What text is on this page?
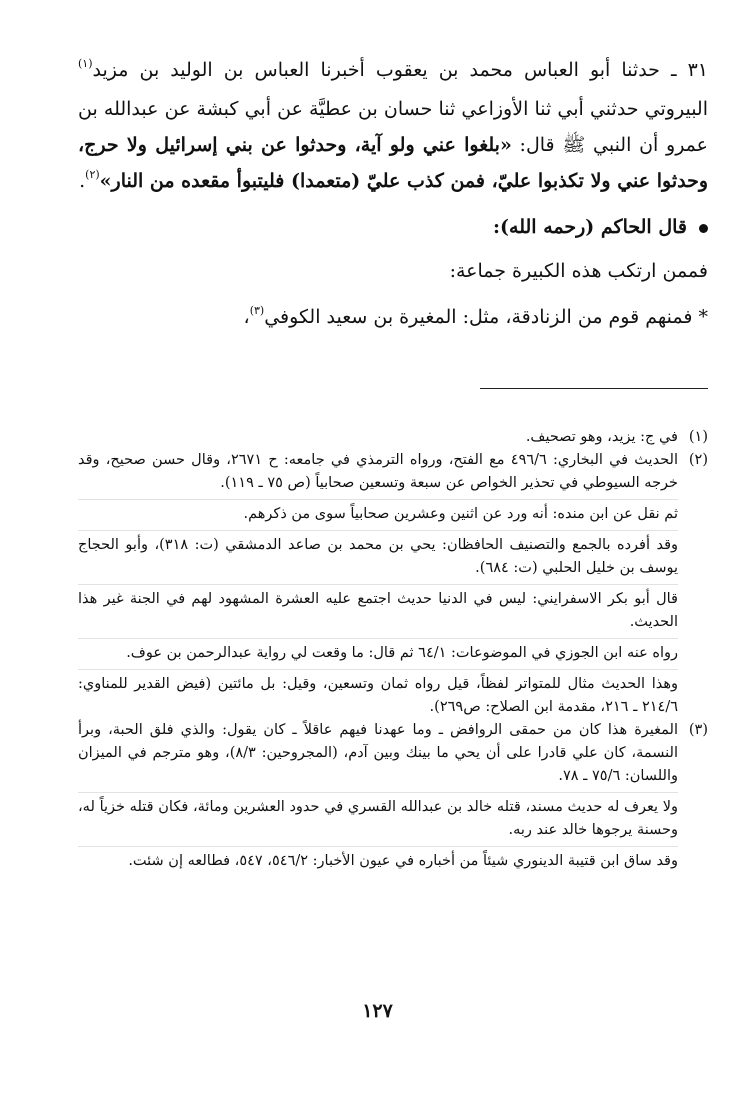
٣١ ـ حدثنا أبو العباس محمد بن يعقوب أخبرنا العباس بن الوليد بن مزيد$^{(١)}$ البيروتي حدثني أبي ثنا الأوزاعي ثنا حسان بن عطيَّة عن أبي كبشة عن عبدالله بن عمرو أن النبي ﷺ قال: «بلغوا عني ولو آية، وحدثوا عن بني إسرائيل ولا حرج، وحدثوا عني ولا تكذبوا عليّ، فمن كذب عليّ (متعمدا) فليتبوأ مقعده من النار»$^{(٢)}$.

قال الحاكم (رحمه الله):

فممن ارتكب هذه الكبيرة جماعة:

* فمنهم قوم من الزنادقة، مثل: المغيرة بن سعيد الكوفي$^{(٣)}$،

(١)

في ج: يزيد، وهو تصحيف.

(٢)

الحديث في البخاري: ٤٩٦/٦ مع الفتح، ورواه الترمذي في جامعه: ح ٢٦٧١، وقال حسن صحيح، وقد خرجه السيوطي في تحذير الخواص عن سبعة وتسعين صحابياً (ص ٧٥ ـ ١١٩).

ثم نقل عن ابن منده: أنه ورد عن اثنين وعشرين صحابياً سوى من ذكرهم.

وقد أفرده بالجمع والتصنيف الحافظان: يحي بن محمد بن صاعد الدمشقي (ت: ٣١٨)، وأبو الحجاج يوسف بن خليل الحلبي (ت: ٦٨٤).

قال أبو بكر الاسفرايني: ليس في الدنيا حديث اجتمع عليه العشرة المشهود لهم في الجنة غير هذا الحديث.

رواه عنه ابن الجوزي في الموضوعات: ٦٤/١ ثم قال: ما وقعت لي رواية عبدالرحمن بن عوف.

وهذا الحديث مثال للمتواتر لفظاً، قيل رواه ثمان وتسعين، وقيل: بل مائتين (فيض القدير للمناوي: ٢١٤/٦ ـ ٢١٦، مقدمة ابن الصلاح: ص٢٦٩).

(٣)

المغيرة هذا كان من حمقى الروافض ـ وما عهدنا فيهم عاقلاً ـ كان يقول: والذي فلق الحبة، وبرأ النسمة، كان علي قادرا على أن يحي ما بينك وبين آدم، (المجروحين: ٨/٣)، وهو مترجم في الميزان واللسان: ٧٥/٦ ـ ٧٨.

ولا يعرف له حديث مسند، قتله خالد بن عبدالله القسري في حدود العشرين ومائة، فكان قتله خزياً له، وحسنة يرجوها خالد عند ربه.

وقد ساق ابن قتيبة الدينوري شيئاً من أخباره في عيون الأخبار: ٥٤٦/٢، ٥٤٧، فطالعه إن شئت.

١٢٧
